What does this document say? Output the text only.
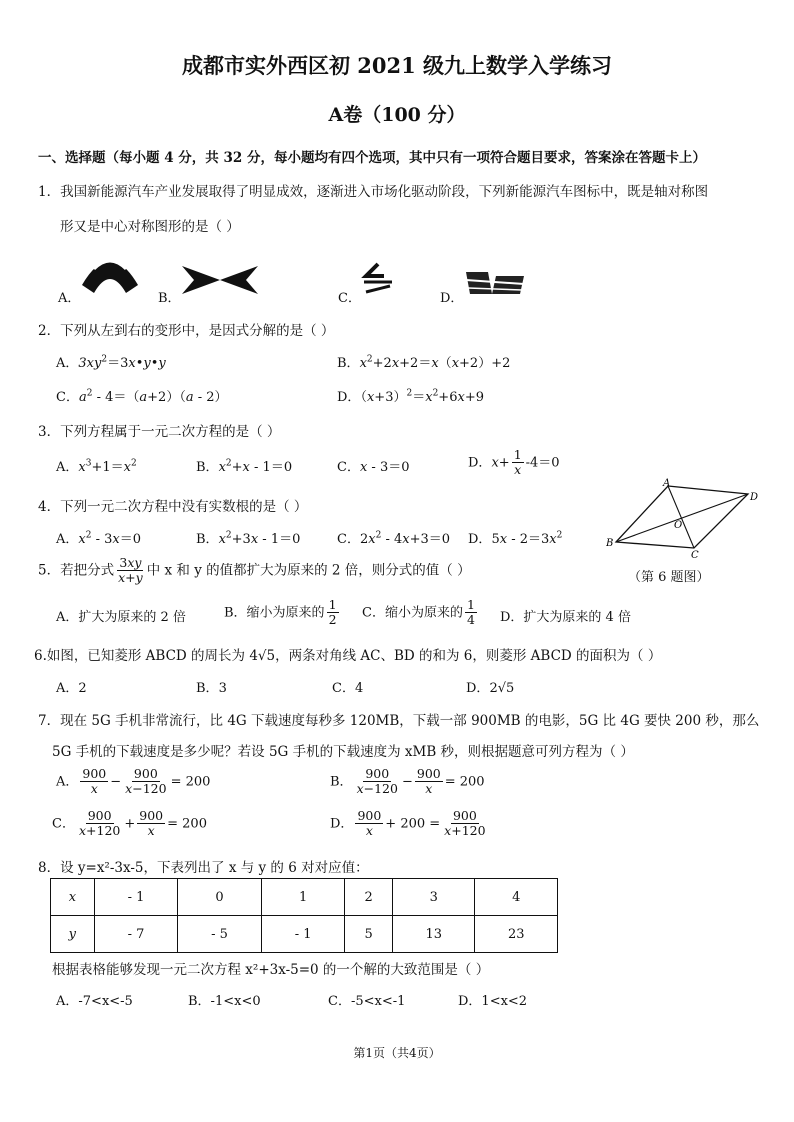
成都市实外西区初 2021 级九上数学入学练习
A卷（100 分）
一、选择题（每小题 4 分，共 32 分，每小题均有四个选项，其中只有一项符合题目要求，答案涂在答题卡上）
1．我国新能源汽车产业发展取得了明显成效，逐渐进入市场化驱动阶段，下列新能源汽车图标中，既是轴对称图
形又是中心对称图形的是（ ）
A．	B．	C．	D．
2．下列从左到右的变形中，是因式分解的是（ ）
A．$3xy^2=3x•y•y$	B．$x^2+2x+2=x(x+2)+2$
C．$a^2 - 4=(a+2)(a - 2)$	D．$(x+3)^2=x^2+6x+9$
3．下列方程属于一元二次方程的是（ ）
A．$x^3+1=x^2$	B．$x^2+x - 1=0$	C．x - 3＝0	D．$x+ \frac{1}{x} -4=0$
4．下列一元二次方程中没有实数根的是（ ）
A．$x^2 - 3x=0$	B．$x^2+3x - 1=0$	C．$2x^2 - 4x+3=0$ D．$5x - 2=3x^2$
A
D
C
B
O
（第 6 题图）
5．若把分式 $\frac{3xy}{x+y}$ 中 x 和 y 的值都扩大为原来的 2 倍，则分式的值（ ）
A．扩大为原来的 2 倍	B．缩小为原来的 $\frac{1}{2}$ C．缩小为原来的 $\frac{1}{4}$ D．扩大为原来的 4 倍
6.如图，已知菱形 ABCD 的周长为 4√5，两条对角线 AC、BD 的和为 6，则菱形 ABCD 的面积为（ ）
A．2	B．3	C．4	D．2√5
7．现在 5G 手机非常流行，比 4G 下载速度每秒多 120MB，下载一部 900MB 的电影，5G 比 4G 要快 200 秒，那么
5G 手机的下载速度是多少呢？若设 5G 手机的下载速度为 xMB 秒，则根据题意可列方程为（ ）
A． $\frac{900}{x} - \frac{900}{x-120} = 200$	B． $\frac{900}{x-120} - \frac{900}{x} = 200$
C． $\frac{900}{x+120} + \frac{900}{x} = 200$	D． $\frac{900}{x} + 200 = \frac{900}{x+120}$
8．设 y=x²-3x-5，下表列出了 x 与 y 的 6 对对应值：
x	- 1	0	1	2	3	4
y	- 7	- 5	- 1	5	13	23
根据表格能够发现一元二次方程 x²+3x-5=0 的一个解的大致范围是（ ）
A．-7<x<-5	B．-1<x<0	C．-5<x<-1	D．1<x<2
第1页（共4页）
